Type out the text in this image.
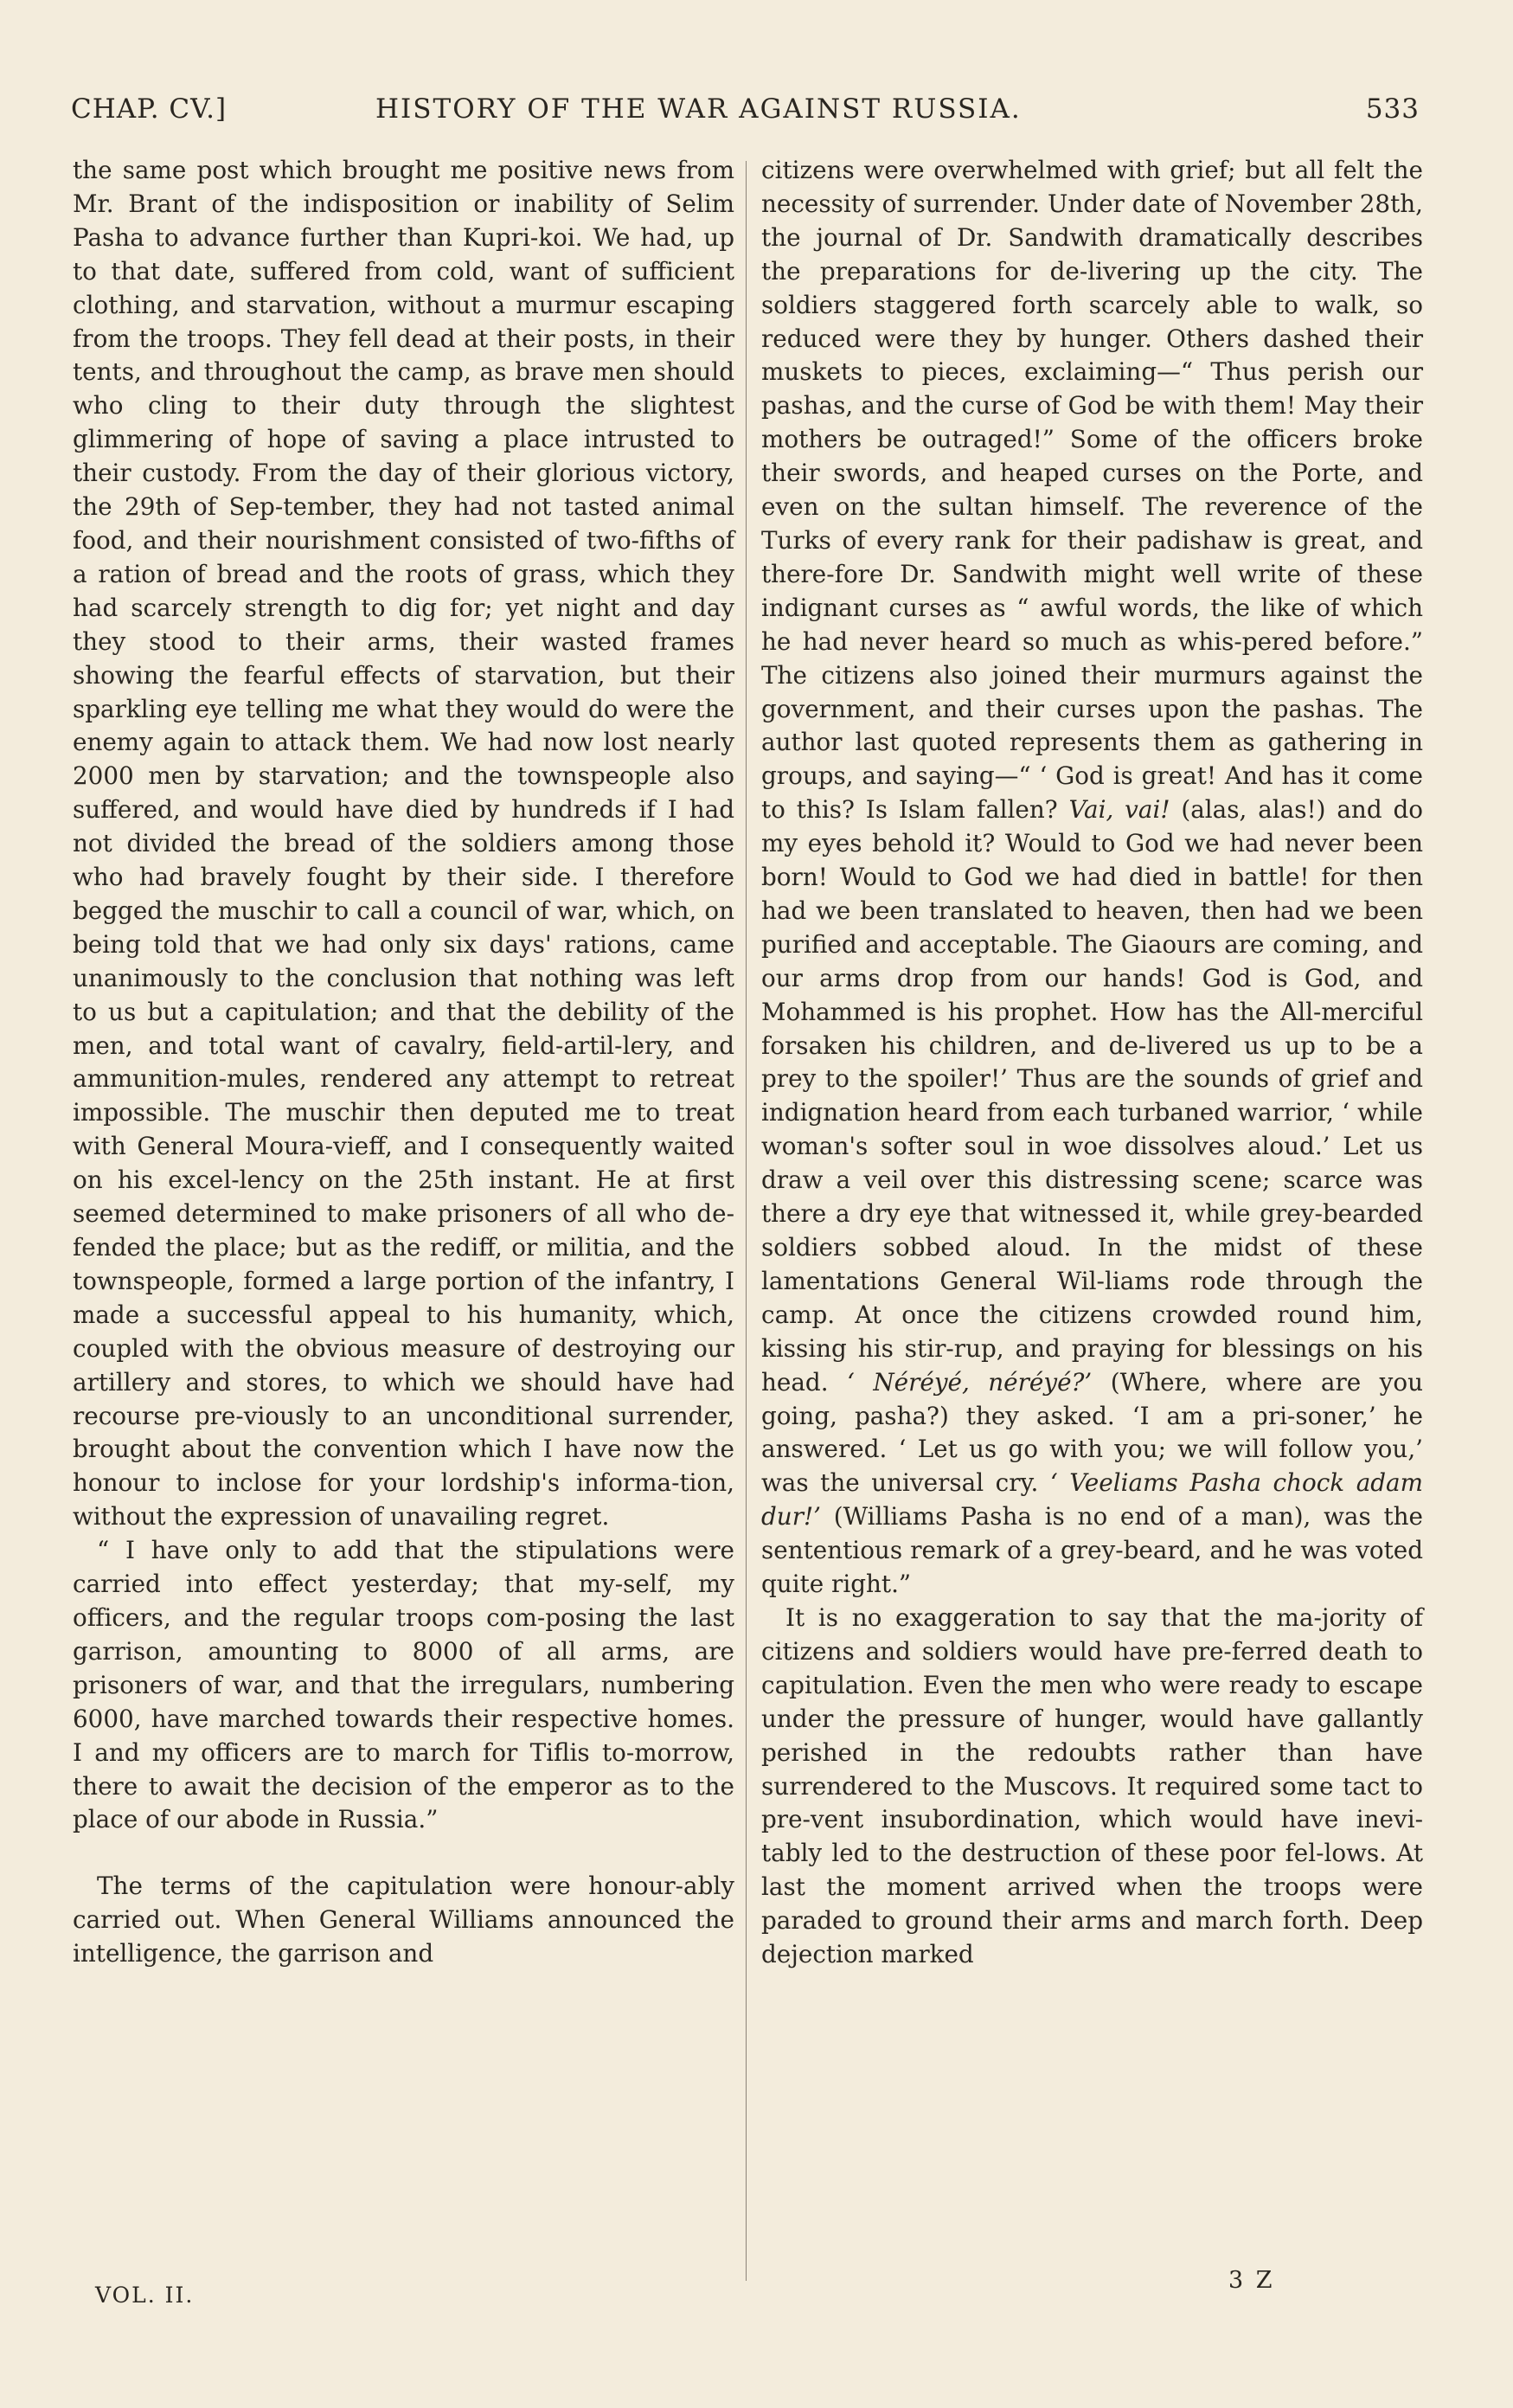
CHAP. CV.]	HISTORY OF THE WAR AGAINST RUSSIA.	533

the same post which brought me positive news from Mr. Brant of the indisposition or inability of Selim Pasha to advance further than Kupri-koi. We had, up to that date, suffered from cold, want of sufficient clothing, and starvation, without a murmur escaping from the troops. They fell dead at their posts, in their tents, and throughout the camp, as brave men should who cling to their duty through the slightest glimmering of hope of saving a place intrusted to their custody. From the day of their glorious victory, the 29th of Sep-tember, they had not tasted animal food, and their nourishment consisted of two-fifths of a ration of bread and the roots of grass, which they had scarcely strength to dig for; yet night and day they stood to their arms, their wasted frames showing the fearful effects of starvation, but their sparkling eye telling me what they would do were the enemy again to attack them. We had now lost nearly 2000 men by starvation; and the townspeople also suffered, and would have died by hundreds if I had not divided the bread of the soldiers among those who had bravely fought by their side. I therefore begged the muschir to call a council of war, which, on being told that we had only six days' rations, came unanimously to the conclusion that nothing was left to us but a capitulation; and that the debility of the men, and total want of cavalry, field-artil-lery, and ammunition-mules, rendered any attempt to retreat impossible. The muschir then deputed me to treat with General Moura-vieff, and I consequently waited on his excel-lency on the 25th instant. He at first seemed determined to make prisoners of all who de-fended the place; but as the rediff, or militia, and the townspeople, formed a large portion of the infantry, I made a successful appeal to his humanity, which, coupled with the obvious measure of destroying our artillery and stores, to which we should have had recourse pre-viously to an unconditional surrender, brought about the convention which I have now the honour to inclose for your lordship's informa-tion, without the expression of unavailing regret.

“ I have only to add that the stipulations were carried into effect yesterday; that my-self, my officers, and the regular troops com-posing the last garrison, amounting to 8000 of all arms, are prisoners of war, and that the irregulars, numbering 6000, have marched towards their respective homes. I and my officers are to march for Tiflis to-morrow, there to await the decision of the emperor as to the place of our abode in Russia.”

The terms of the capitulation were honour-ably carried out. When General Williams announced the intelligence, the garrison and

citizens were overwhelmed with grief; but all felt the necessity of surrender. Under date of November 28th, the journal of Dr. Sandwith dramatically describes the preparations for de-livering up the city. The soldiers staggered forth scarcely able to walk, so reduced were they by hunger. Others dashed their muskets to pieces, exclaiming—“ Thus perish our pashas, and the curse of God be with them! May their mothers be outraged!” Some of the officers broke their swords, and heaped curses on the Porte, and even on the sultan himself. The reverence of the Turks of every rank for their padishaw is great, and there-fore Dr. Sandwith might well write of these indignant curses as “ awful words, the like of which he had never heard so much as whis-pered before.” The citizens also joined their murmurs against the government, and their curses upon the pashas. The author last quoted represents them as gathering in groups, and saying—“ ‘ God is great! And has it come to this? Is Islam fallen? Vai, vai! (alas, alas!) and do my eyes behold it? Would to God we had never been born! Would to God we had died in battle! for then had we been translated to heaven, then had we been purified and acceptable. The Giaours are coming, and our arms drop from our hands! God is God, and Mohammed is his prophet. How has the All-merciful forsaken his children, and de-livered us up to be a prey to the spoiler!’ Thus are the sounds of grief and indignation heard from each turbaned warrior, ‘ while woman's softer soul in woe dissolves aloud.’ Let us draw a veil over this distressing scene; scarce was there a dry eye that witnessed it, while grey-bearded soldiers sobbed aloud. In the midst of these lamentations General Wil-liams rode through the camp. At once the citizens crowded round him, kissing his stir-rup, and praying for blessings on his head. ‘ Néréyé, néréyé?’ (Where, where are you going, pasha?) they asked. ‘I am a pri-soner,’ he answered. ‘ Let us go with you; we will follow you,’ was the universal cry. ‘ Veeliams Pasha chock adam dur!’ (Williams Pasha is no end of a man), was the sententious remark of a grey-beard, and he was voted quite right.”

It is no exaggeration to say that the ma-jority of citizens and soldiers would have pre-ferred death to capitulation. Even the men who were ready to escape under the pressure of hunger, would have gallantly perished in the redoubts rather than have surrendered to the Muscovs. It required some tact to pre-vent insubordination, which would have inevi-tably led to the destruction of these poor fel-lows. At last the moment arrived when the troops were paraded to ground their arms and march forth. Deep dejection marked

VOL. II.
3 Z
